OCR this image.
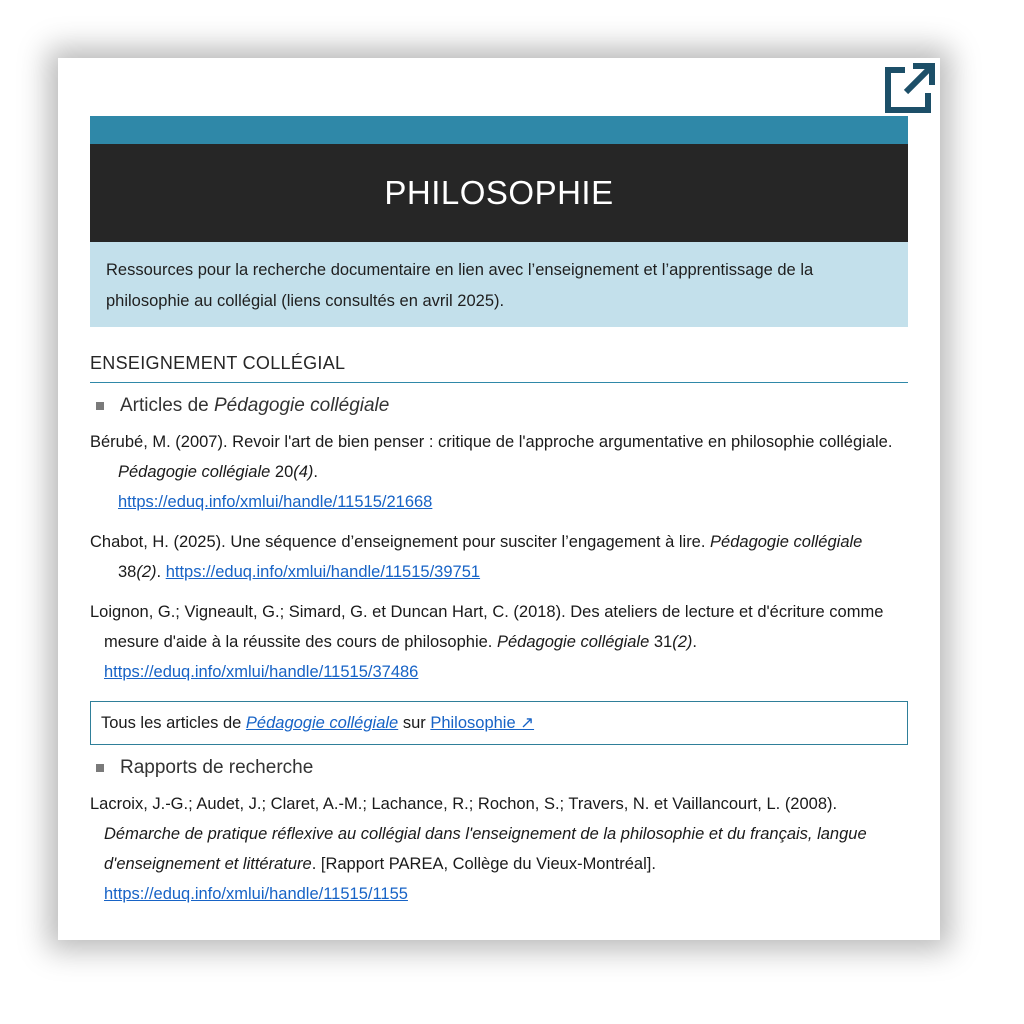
PHILOSOPHIE
Ressources pour la recherche documentaire en lien avec l’enseignement et l’apprentissage de la philosophie au collégial (liens consultés en avril 2025).
ENSEIGNEMENT COLLÉGIAL
Articles de
Pédagogie collégiale
Bérubé, M. (2007). Revoir l'art de bien penser : critique de l'approche argumentative en philosophie collégiale. Pédagogie collégiale 20(4).
https://eduq.info/xmlui/handle/11515/21668
Chabot, H. (2025). Une séquence d’enseignement pour susciter l’engagement à lire. Pédagogie collégiale 38(2). https://eduq.info/xmlui/handle/11515/39751
Loignon, G.; Vigneault, G.; Simard, G. et Duncan Hart, C. (2018). Des ateliers de lecture et d'écriture comme mesure d'aide à la réussite des cours de philosophie. Pédagogie collégiale 31(2). https://eduq.info/xmlui/handle/11515/37486
Tous les articles de Pédagogie collégiale sur Philosophie ↗
Rapports de recherche
Lacroix, J.-G.; Audet, J.; Claret, A.-M.; Lachance, R.; Rochon, S.; Travers, N. et Vaillancourt, L. (2008). Démarche de pratique réflexive au collégial dans l'enseignement de la philosophie et du français, langue d'enseignement et littérature. [Rapport PAREA, Collège du Vieux-Montréal].
https://eduq.info/xmlui/handle/11515/1155
